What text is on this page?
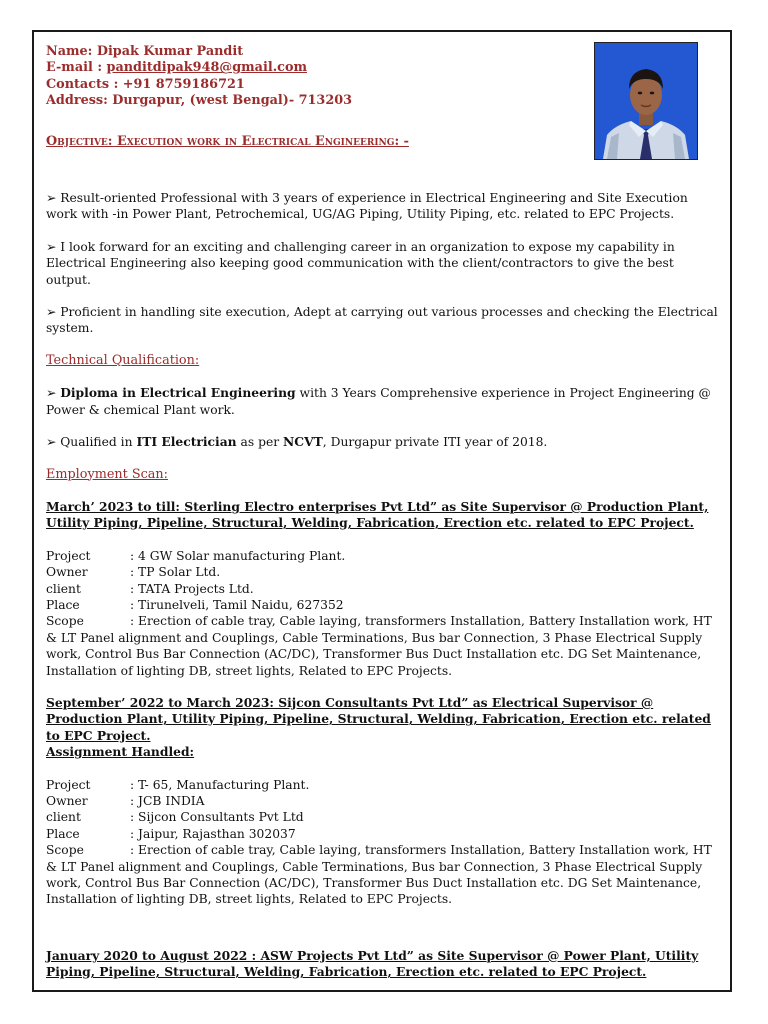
Name: Dipak Kumar Pandit
E-mail : panditdipak948@gmail.com
Contacts : +91 8759186721
Address: Durgapur, (west Bengal)- 713203
Objective: Execution work in Electrical Engineering: -
➢ Result-oriented Professional with 3 years of experience in Electrical Engineering and Site Execution work with -in Power Plant, Petrochemical, UG/AG Piping, Utility Piping, etc. related to EPC Projects.
➢ I look forward for an exciting and challenging career in an organization to expose my capability in Electrical Engineering also keeping good communication with the client/contractors to give the best output.
➢ Proficient in handling site execution, Adept at carrying out various processes and checking the Electrical system.
Technical Qualification:
➢ Diploma in Electrical Engineering with 3 Years Comprehensive experience in Project Engineering @ Power & chemical Plant work.
➢ Qualified in ITI Electrician as per NCVT, Durgapur private ITI year of 2018.
Employment Scan:
March’ 2023 to till: Sterling Electro enterprises Pvt Ltd” as Site Supervisor @ Production Plant, Utility Piping, Pipeline, Structural, Welding, Fabrication, Erection etc. related to EPC Project.
Project	: 4 GW Solar manufacturing Plant.
Owner	: TP Solar Ltd.
client	: TATA Projects Ltd.
Place	: Tirunelveli, Tamil Naidu, 627352
Scope	: Erection of cable tray, Cable laying, transformers Installation, Battery Installation work, HT & LT Panel alignment and Couplings, Cable Terminations, Bus bar Connection, 3 Phase Electrical Supply work, Control Bus Bar Connection (AC/DC), Transformer Bus Duct Installation etc. DG Set Maintenance, Installation of lighting DB, street lights, Related to EPC Projects.
September’ 2022 to March 2023: Sijcon Consultants Pvt Ltd” as Electrical Supervisor @ Production Plant, Utility Piping, Pipeline, Structural, Welding, Fabrication, Erection etc. related to EPC Project.
Assignment Handled:
Project	: T- 65, Manufacturing Plant.
Owner	: JCB INDIA
client	: Sijcon Consultants Pvt Ltd
Place	: Jaipur, Rajasthan 302037
Scope	: Erection of cable tray, Cable laying, transformers Installation, Battery Installation work, HT & LT Panel alignment and Couplings, Cable Terminations, Bus bar Connection, 3 Phase Electrical Supply work, Control Bus Bar Connection (AC/DC), Transformer Bus Duct Installation etc. DG Set Maintenance, Installation of lighting DB, street lights, Related to EPC Projects.
January 2020 to August 2022 : ASW Projects Pvt Ltd” as Site Supervisor @ Power Plant, Utility Piping, Pipeline, Structural, Welding, Fabrication, Erection etc. related to EPC Project.
